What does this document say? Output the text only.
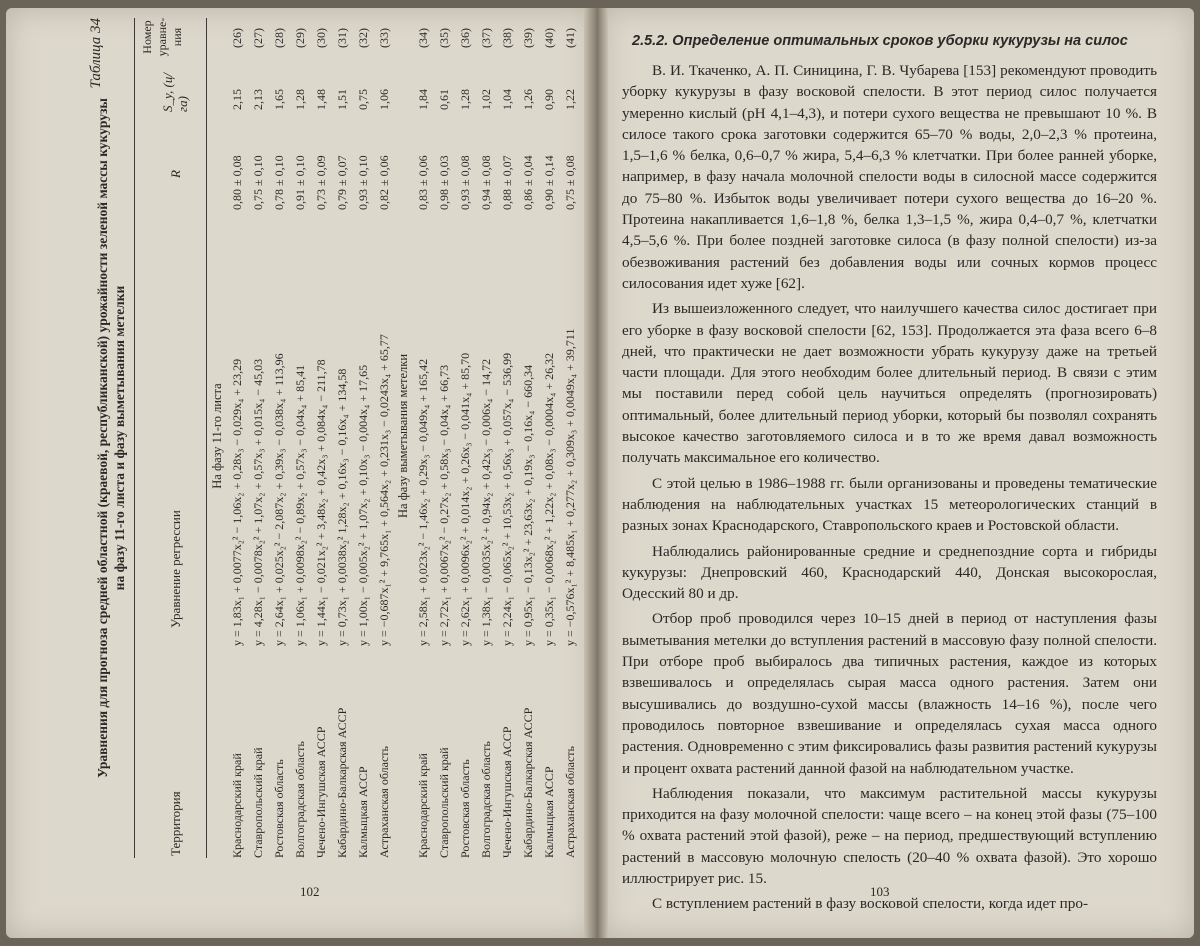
Таблица 34
Уравнения для прогноза средней областной (краевой, республиканской) урожайности зеленой массы кукурузы на фазу 11-го листа и фазу выметывания метелки
Территория
Уравнение регрессии
R
S_y, (ц/га)
Номер уравне-ния
На фазу 11-го листа
Краснодарский край
y = 1,83x₁ + 0,0077x₂² − 1,06x₂ + 0,28x₃ − 0,029x₄ + 23,29
0,80 ± 0,08
2,15
(26)
Ставропольский край
y = 4,28x₁ − 0,0078x₂² + 1,07x₂ + 0,57x₃ + 0,015x₄ − 45,03
0,75 ± 0,10
2,13
(27)
Ростовская область
y = 2,64x₁ + 0,025x₂² − 2,087x₂ + 0,39x₃ − 0,038x₄ + 113,96
0,78 ± 0,10
1,65
(28)
Волгоградская область
y = 1,06x₁ + 0,0098x₂² − 0,89x₂ + 0,57x₃ − 0,04x₄ + 85,41
0,91 ± 0,10
1,28
(29)
Чечено-Ингушская АССР
y = 1,44x₁ − 0,021x₂² + 3,48x₂ + 0,42x₃ + 0,084x₄ − 211,78
0,73 ± 0,09
1,48
(30)
Кабардино-Балкарская АССР
y = 0,73x₁ + 0,0038x₂² 1,28x₂ + 0,16x₃ − 0,16x₄ + 134,58
0,79 ± 0,07
1,51
(31)
Калмыцкая АССР
y = 1,00x₁ − 0,005x₂² + 1,07x₂ + 0,10x₃ − 0,004x₄ + 17,65
0,93 ± 0,10
0,75
(32)
Астраханская область
y = −0,687x₁² + 9,765x₁ + 0,564x₂ + 0,231x₃ − 0,0243x₄ + 65,77
0,82 ± 0,06
1,06
(33)
На фазу выметывания метелки
Краснодарский край
y = 2,58x₁ + 0,023x₂² − 1,46x₂ + 0,29x₃ − 0,049x₄ + 165,42
0,83 ± 0,06
1,84
(34)
Ставропольский край
y = 2,72x₁ + 0,0067x₂² − 0,27x₂ + 0,58x₃ − 0,04x₄ + 66,73
0,98 ± 0,03
0,61
(35)
Ростовская область
y = 2,62x₁ + 0,0096x₂² + 0,014x₂ + 0,26x₃ − 0,041x₄ + 85,70
0,93 ± 0,08
1,28
(36)
Волгоградская область
y = 1,38x₁ − 0,0035x₂² + 0,94x₂ + 0,42x₃ − 0,006x₄ − 14,72
0,94 ± 0,08
1,02
(37)
Чечено-Ингушская АССР
y = 2,24x₁ − 0,065x₂² + 10,53x₂ + 0,56x₃ + 0,057x₄ − 536,99
0,88 ± 0,07
1,04
(38)
Кабардино-Балкарская АССР
y = 0,95x₁ − 0,13x₂² + 23,63x₂ + 0,19x₃ − 0,16x₄ − 660,34
0,86 ± 0,04
1,26
(39)
Калмыцкая АССР
y = 0,35x₁ − 0,0068x₂² + 1,22x₂ + 0,08x₃ − 0,0004x₄ + 26,32
0,90 ± 0,14
0,90
(40)
Астраханская область
y = −0,576x₁² + 8,485x₁ + 0,277x₂ + 0,309x₃ + 0,0049x₄ + 39,711
0,75 ± 0,08
1,22
(41)
102
2.5.2. Определение оптимальных сроков уборки кукурузы на силос

В. И. Ткаченко, А. П. Синицина, Г. В. Чубарева [153] рекомендуют проводить уборку кукурузы в фазу восковой спелости. В этот период силос получается умеренно кислый (pH 4,1–4,3), и потери сухого вещества не превышают 10 %. В силосе такого срока заготовки содержится 65–70 % воды, 2,0–2,3 % протеина, 1,5–1,6 % белка, 0,6–0,7 % жира, 5,4–6,3 % клетчатки. При более ранней уборке, например, в фазу начала молочной спелости воды в силосной массе содержится до 75–80 %. Избыток воды увеличивает потери сухого вещества до 16–20 %. Протеина накапливается 1,6–1,8 %, белка 1,3–1,5 %, жира 0,4–0,7 %, клетчатки 4,5–5,6 %. При более поздней заготовке силоса (в фазу полной спелости) из-за обезвоживания растений без добавления воды или сочных кормов процесс силосования идет хуже [62].

Из вышеизложенного следует, что наилучшего качества силос достигает при его уборке в фазу восковой спелости [62, 153]. Продолжается эта фаза всего 6–8 дней, что практически не дает возможности убрать кукурузу даже на третьей части площади. Для этого необходим более длительный период. В связи с этим мы поставили перед собой цель научиться определять (прогнозировать) оптимальный, более длительный период уборки, который бы позволял сохранять высокое качество заготовляемого силоса и в то же время давал возможность получать максимальное его количество.

С этой целью в 1986–1988 гг. были организованы и проведены тематические наблюдения на наблюдательных участках 15 метеорологических станций в разных зонах Краснодарского, Ставропольского краев и Ростовской области.

Наблюдались районированные средние и среднепоздние сорта и гибриды кукурузы: Днепровский 460, Краснодарский 440, Донская высокорослая, Одесский 80 и др.

Отбор проб проводился через 10–15 дней в период от наступления фазы выметывания метелки до вступления растений в массовую фазу полной спелости. При отборе проб выбиралось два типичных растения, каждое из которых взвешивалось и определялась сырая масса одного растения. Затем они высушивались до воздушно-сухой массы (влажность 14–16 %), после чего проводилось повторное взвешивание и определялась сухая масса одного растения. Одновременно с этим фиксировались фазы развития растений кукурузы и процент охвата растений данной фазой на наблюдательном участке.

Наблюдения показали, что максимум растительной массы кукурузы приходится на фазу молочной спелости: чаще всего – на конец этой фазы (75–100 % охвата растений этой фазой), реже – на период, предшествующий вступлению растений в массовую молочную спелость (20–40 % охвата фазой). Это хорошо иллюстрирует рис. 15.

С вступлением растений в фазу восковой спелости, когда идет про-

103
